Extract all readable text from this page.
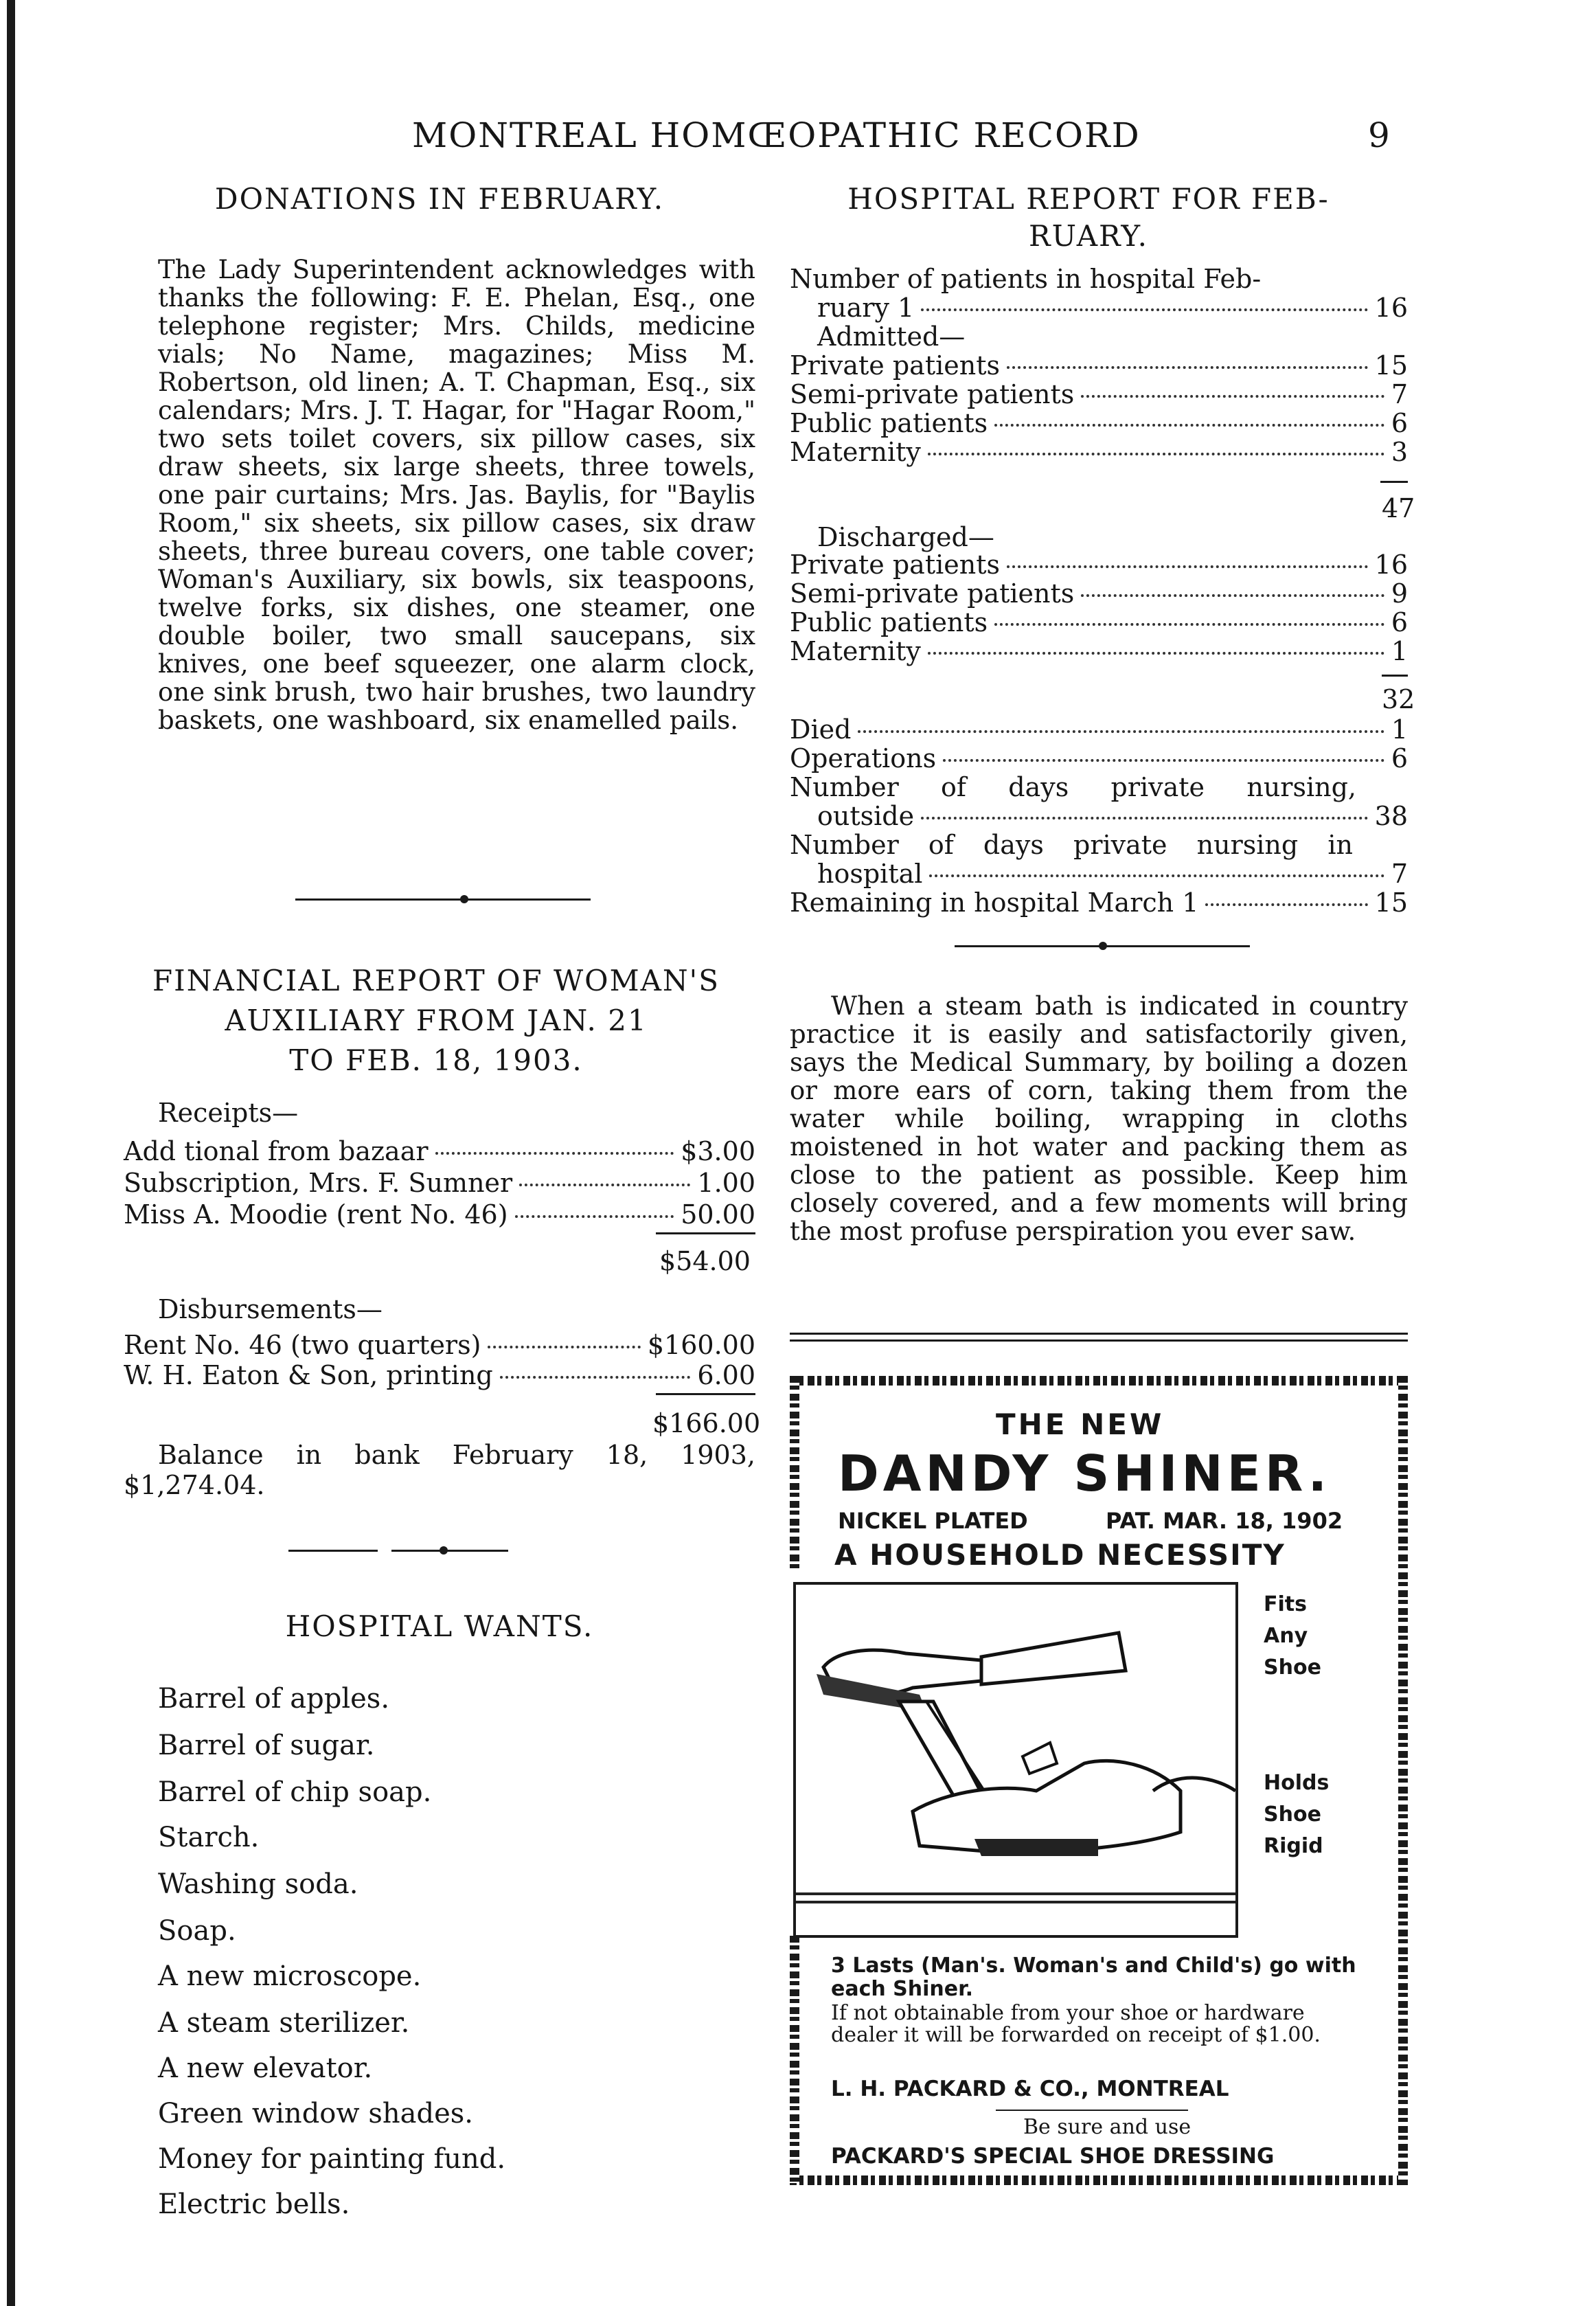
MONTREAL HOMŒOPATHIC RECORD	9
DONATIONS IN FEBRUARY.
The Lady Superintendent acknowledges with thanks the following: F. E. Phelan, Esq., one telephone register; Mrs. Childs, medicine vials; No Name, magazines; Miss M. Robertson, old linen; A. T. Chapman, Esq., six calendars; Mrs. J. T. Hagar, for "Hagar Room," two sets toilet covers, six pillow cases, six draw sheets, six large sheets, three towels, one pair curtains; Mrs. Jas. Baylis, for "Baylis Room," six sheets, six pillow cases, six draw sheets, three bureau covers, one table cover; Woman's Auxiliary, six bowls, six teaspoons, twelve forks, six dishes, one steamer, one double boiler, two small saucepans, six knives, one beef squeezer, one alarm clock, one sink brush, two hair brushes, two laundry baskets, one washboard, six enamelled pails.
FINANCIAL REPORT OF WOMAN'S
AUXILIARY FROM JAN. 21
TO FEB. 18, 1903.
Receipts—
Add tional from bazaar	$3.00
Subscription, Mrs. F. Sumner	1.00
Miss A. Moodie (rent No. 46)	50.00
$54.00
Disbursements—
Rent No. 46 (two quarters)	$160.00
W. H. Eaton & Son, printing	6.00
$166.00
Balance in bank February 18, 1903,
$1,274.04.
HOSPITAL WANTS.
Barrel of apples.
Barrel of sugar.
Barrel of chip soap.
Starch.
Washing soda.
Soap.
A new microscope.
A steam sterilizer.
A new elevator.
Green window shades.
Money for painting fund.
Electric bells.
HOSPITAL REPORT FOR FEB-
RUARY.
Number of patients in hospital Feb-
ruary 1	16
Admitted—
Private patients	15
Semi-private patients	7
Public patients	6
Maternity	3
47
Discharged—
Private patients	16
Semi-private patients	9
Public patients	6
Maternity	1
32
Died	1
Operations	6
Number of days private nursing,
outside	38
Number of days private nursing in
hospital	7
Remaining in hospital March 1	15
When a steam bath is indicated in country practice it is easily and satisfactorily given, says the Medical Summary, by boiling a dozen or more ears of corn, taking them from the water while boiling, wrapping in cloths moistened in hot water and packing them as close to the patient as possible. Keep him closely covered, and a few moments will bring the most profuse perspiration you ever saw.
THE NEW
DANDY SHINER.
NICKEL PLATED	PAT. MAR. 18, 1902
A HOUSEHOLD NECESSITY
Fits
Any
Shoe
Holds
Shoe
Rigid
3 Lasts (Man's. Woman's and Child's) go with each Shiner.
If not obtainable from your shoe or hardware dealer it will be forwarded on receipt of $1.00.
L. H. PACKARD & CO., MONTREAL
Be sure and use
PACKARD'S SPECIAL SHOE DRESSING
